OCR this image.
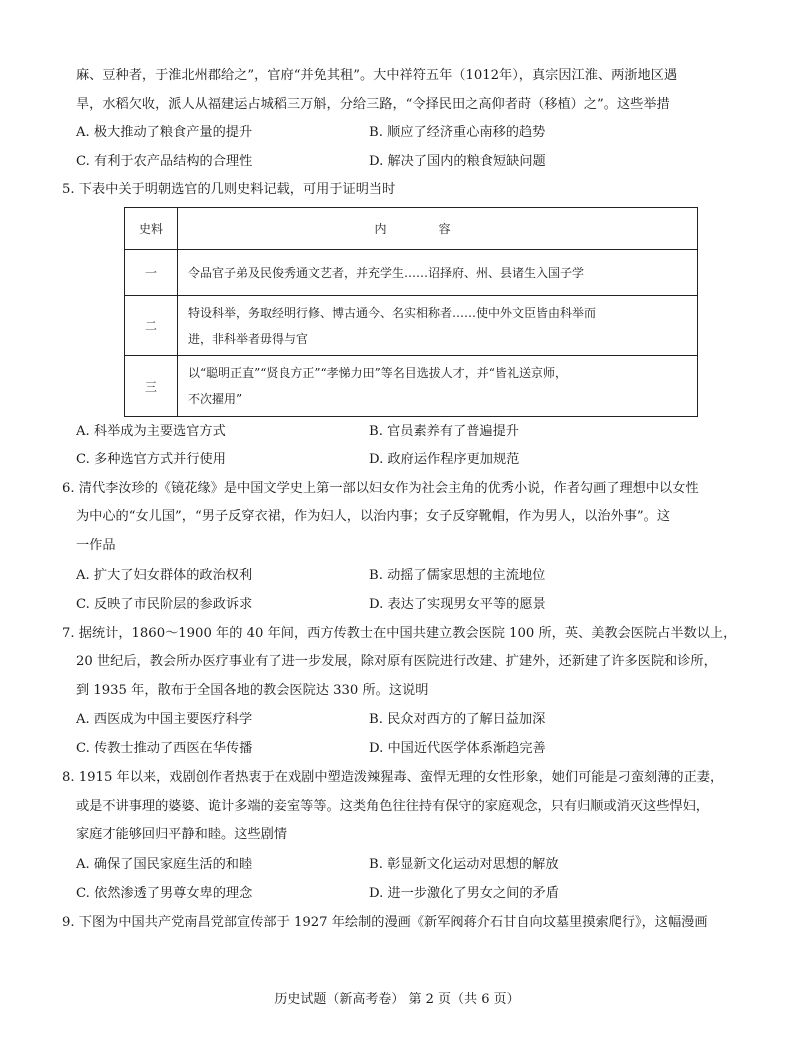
麻、豆种者，于淮北州郡给之”，官府“并免其租”。大中祥符五年（1012年），真宗因江淮、两浙地区遇
旱，水稻欠收，派人从福建运占城稻三万斛，分给三路，“令择民田之高仰者莳（移植）之”。这些举措
A. 极大推动了粮食产量的提升	B. 顺应了经济重心南移的趋势
C. 有利于农产品结构的合理性	D. 解决了国内的粮食短缺问题
5. 下表中关于明朝选官的几则史料记载，可用于证明当时
史料	内容
一	令品官子弟及民俊秀通文艺者，并充学生……诏择府、州、县诸生入国子学

二	特设科举，务取经明行修、博古通今、名实相称者……使中外文臣皆由科举而
进，非科举者毋得与官

三	以“聪明正直”“贤良方正”“孝悌力田”等名目选拔人才，并“皆礼送京师，
不次擢用”
A. 科举成为主要选官方式	B. 官员素养有了普遍提升
C. 多种选官方式并行使用	D. 政府运作程序更加规范
6. 清代李汝珍的《镜花缘》是中国文学史上第一部以妇女作为社会主角的优秀小说，作者勾画了理想中以女性
为中心的“女儿国”，“男子反穿衣裙，作为妇人，以治内事；女子反穿靴帽，作为男人，以治外事”。这
一作品
A. 扩大了妇女群体的政治权利	B. 动摇了儒家思想的主流地位
C. 反映了市民阶层的参政诉求	D. 表达了实现男女平等的愿景
7. 据统计，1860～1900 年的 40 年间，西方传教士在中国共建立教会医院 100 所，英、美教会医院占半数以上，
20 世纪后，教会所办医疗事业有了进一步发展，除对原有医院进行改建、扩建外，还新建了许多医院和诊所，
到 1935 年，散布于全国各地的教会医院达 330 所。这说明
A. 西医成为中国主要医疗科学	B. 民众对西方的了解日益加深
C. 传教士推动了西医在华传播	D. 中国近代医学体系渐趋完善
8. 1915 年以来，戏剧创作者热衷于在戏剧中塑造泼辣猩毒、蛮悍无理的女性形象，她们可能是刁蛮刻薄的正妻，
或是不讲事理的婆婆、诡计多端的妾室等等。这类角色往往持有保守的家庭观念，只有归顺或消灭这些悍妇，
家庭才能够回归平静和睦。这些剧情
A. 确保了国民家庭生活的和睦	B. 彰显新文化运动对思想的解放
C. 依然渗透了男尊女卑的理念	D. 进一步激化了男女之间的矛盾
9. 下图为中国共产党南昌党部宣传部于 1927 年绘制的漫画《新军阀蒋介石甘自向坟墓里摸索爬行》，这幅漫画
历史试题（新高考卷） 第 2 页（共 6 页）
